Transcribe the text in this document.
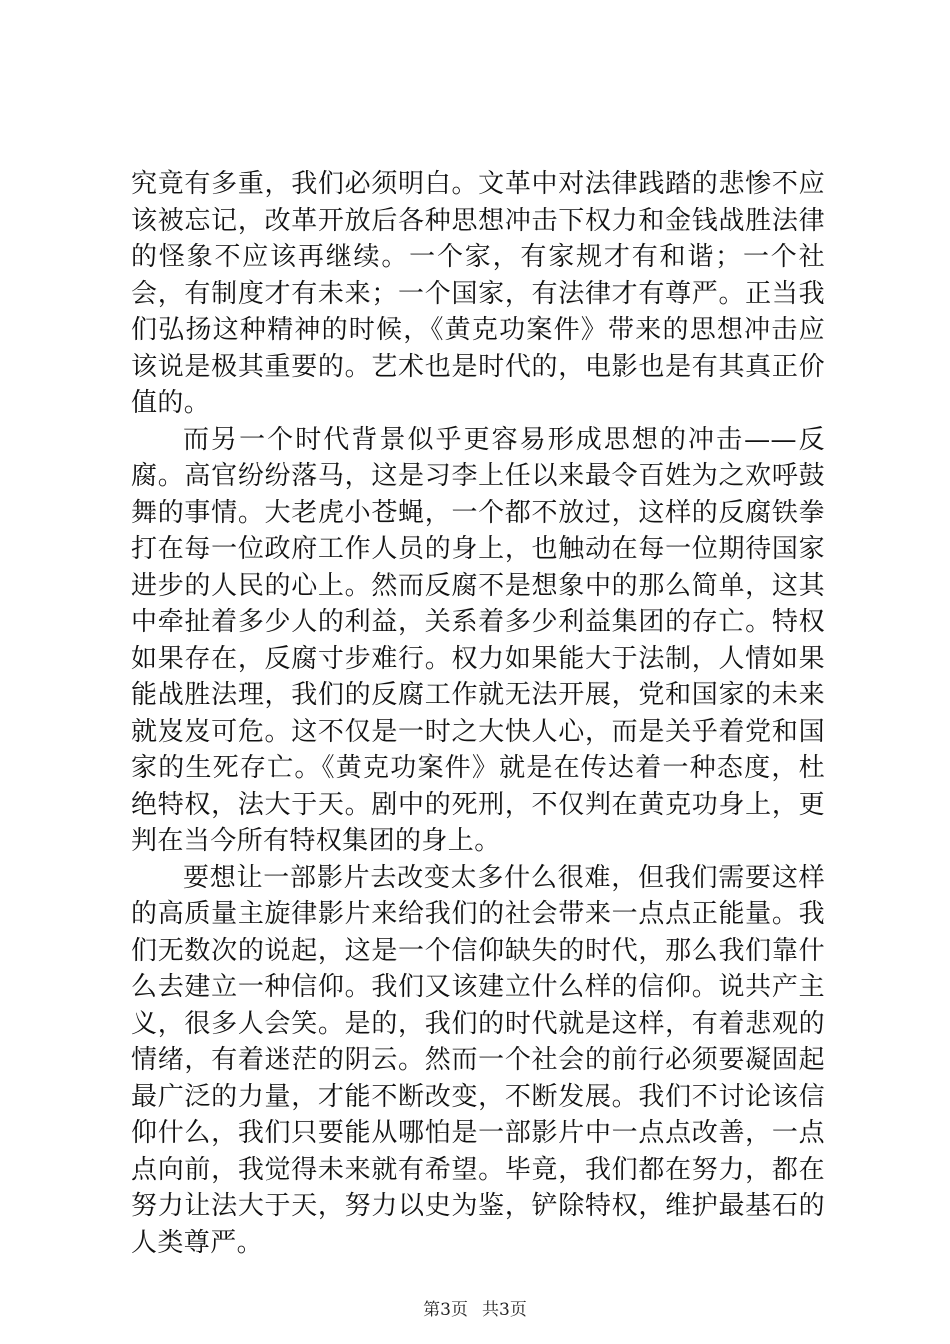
究竟有多重，我们必须明白。文革中对法律践踏的悲惨不应该被忘记，改革开放后各种思想冲击下权力和金钱战胜法律的怪象不应该再继续。一个家，有家规才有和谐；一个社会，有制度才有未来；一个国家，有法律才有尊严。正当我们弘扬这种精神的时候，《黄克功案件》带来的思想冲击应该说是极其重要的。艺术也是时代的，电影也是有其真正价值的。

而另一个时代背景似乎更容易形成思想的冲击——反腐。高官纷纷落马，这是习李上任以来最令百姓为之欢呼鼓舞的事情。大老虎小苍蝇，一个都不放过，这样的反腐铁拳打在每一位政府工作人员的身上，也触动在每一位期待国家进步的人民的心上。然而反腐不是想象中的那么简单，这其中牵扯着多少人的利益，关系着多少利益集团的存亡。特权如果存在，反腐寸步难行。权力如果能大于法制，人情如果能战胜法理，我们的反腐工作就无法开展，党和国家的未来就岌岌可危。这不仅是一时之大快人心，而是关乎着党和国家的生死存亡。《黄克功案件》就是在传达着一种态度，杜绝特权，法大于天。剧中的死刑，不仅判在黄克功身上，更判在当今所有特权集团的身上。

要想让一部影片去改变太多什么很难，但我们需要这样的高质量主旋律影片来给我们的社会带来一点点正能量。我们无数次的说起，这是一个信仰缺失的时代，那么我们靠什么去建立一种信仰。我们又该建立什么样的信仰。说共产主义，很多人会笑。是的，我们的时代就是这样，有着悲观的情绪，有着迷茫的阴云。然而一个社会的前行必须要凝固起最广泛的力量，才能不断改变，不断发展。我们不讨论该信仰什么，我们只要能从哪怕是一部影片中一点点改善，一点点向前，我觉得未来就有希望。毕竟，我们都在努力，都在努力让法大于天，努力以史为鉴，铲除特权，维护最基石的人类尊严。

第3页 共3页
